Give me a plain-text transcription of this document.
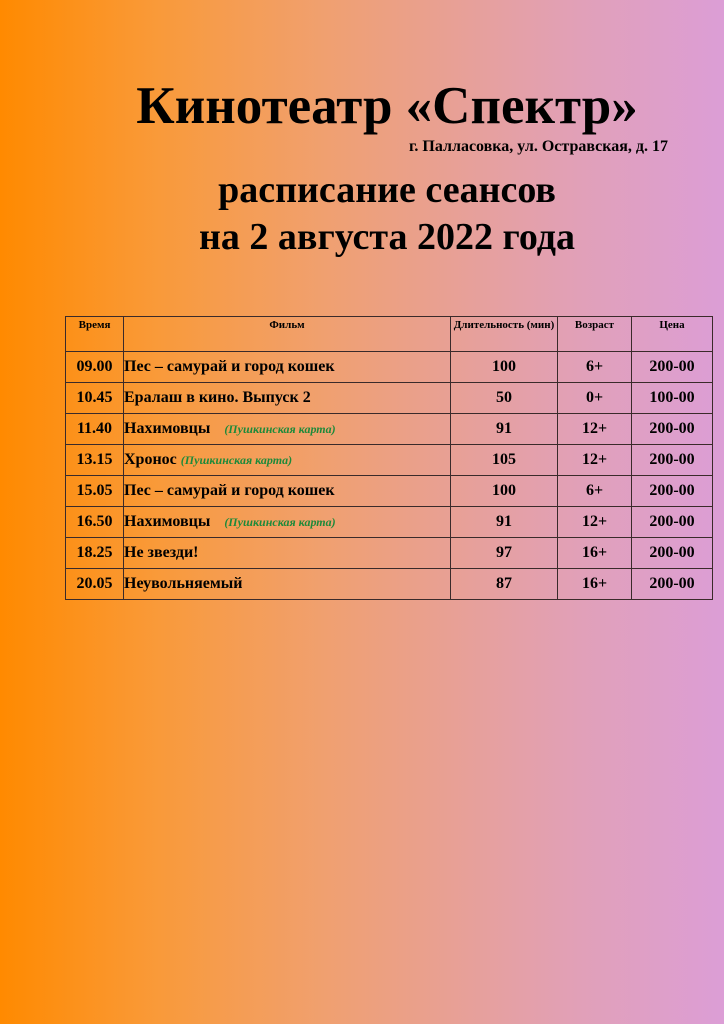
Кинотеатр «Спектр»
г. Палласовка, ул. Остравская, д. 17
расписание сеансов
на 2 августа 2022 года
Время	Фильм	Длительность (мин)	Возраст	Цена
09.00	Пес – самурай и город кошек	100	6+	200-00
10.45	Ералаш в кино. Выпуск 2	50	0+	100-00
11.40	Нахимовцы (Пушкинская карта)	91	12+	200-00
13.15	Хронос (Пушкинская карта)	105	12+	200-00
15.05	Пес – самурай и город кошек	100	6+	200-00
16.50	Нахимовцы (Пушкинская карта)	91	12+	200-00
18.25	Не звезди!	97	16+	200-00
20.05	Неувольняемый	87	16+	200-00
